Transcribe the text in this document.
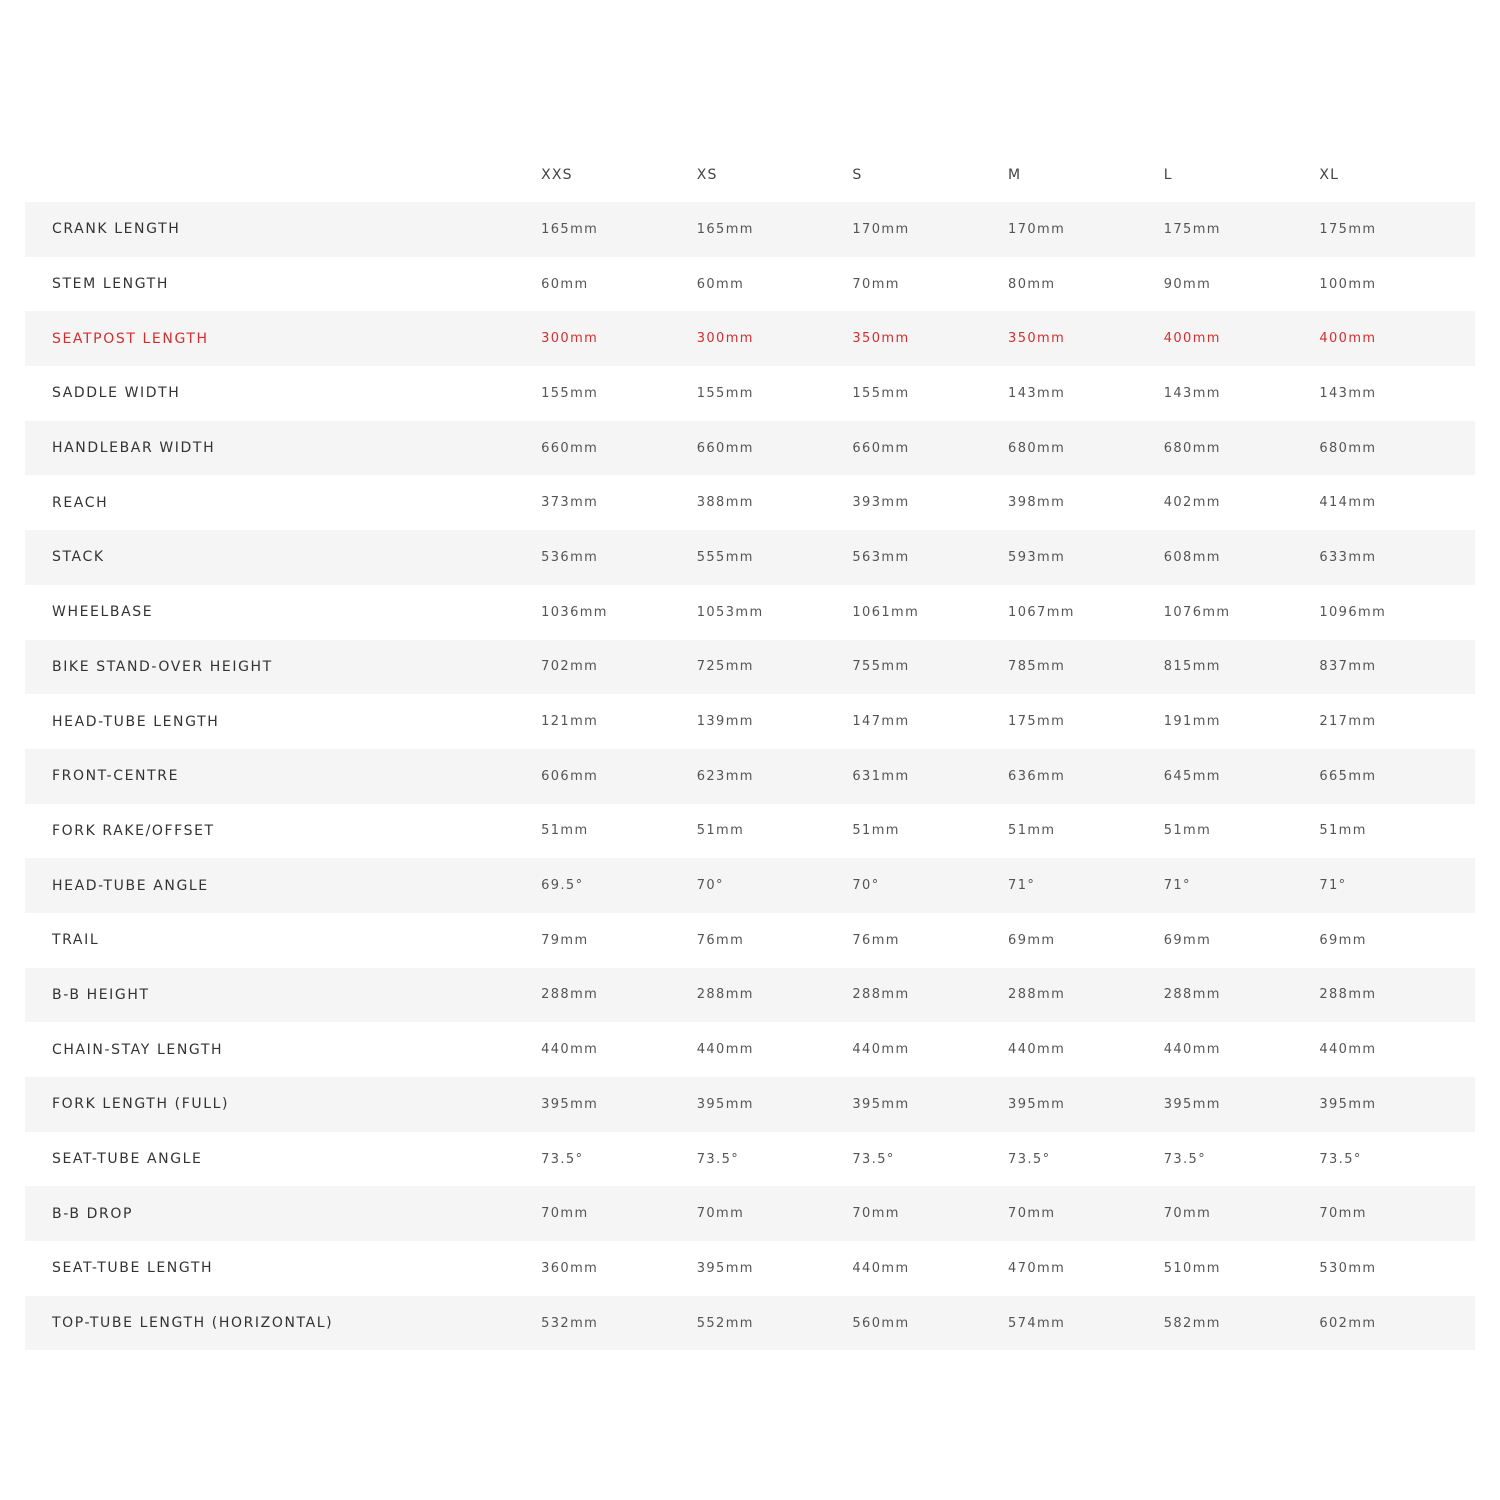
XXS	XS	S	M	L	XL
CRANK LENGTH	165mm	165mm	170mm	170mm	175mm	175mm
STEM LENGTH	60mm	60mm	70mm	80mm	90mm	100mm
SEATPOST LENGTH	300mm	300mm	350mm	350mm	400mm	400mm
SADDLE WIDTH	155mm	155mm	155mm	143mm	143mm	143mm
HANDLEBAR WIDTH	660mm	660mm	660mm	680mm	680mm	680mm
REACH	373mm	388mm	393mm	398mm	402mm	414mm
STACK	536mm	555mm	563mm	593mm	608mm	633mm
WHEELBASE	1036mm	1053mm	1061mm	1067mm	1076mm	1096mm
BIKE STAND-OVER HEIGHT	702mm	725mm	755mm	785mm	815mm	837mm
HEAD-TUBE LENGTH	121mm	139mm	147mm	175mm	191mm	217mm
FRONT-CENTRE	606mm	623mm	631mm	636mm	645mm	665mm
FORK RAKE/OFFSET	51mm	51mm	51mm	51mm	51mm	51mm
HEAD-TUBE ANGLE	69.5°	70°	70°	71°	71°	71°
TRAIL	79mm	76mm	76mm	69mm	69mm	69mm
B-B HEIGHT	288mm	288mm	288mm	288mm	288mm	288mm
CHAIN-STAY LENGTH	440mm	440mm	440mm	440mm	440mm	440mm
FORK LENGTH (FULL)	395mm	395mm	395mm	395mm	395mm	395mm
SEAT-TUBE ANGLE	73.5°	73.5°	73.5°	73.5°	73.5°	73.5°
B-B DROP	70mm	70mm	70mm	70mm	70mm	70mm
SEAT-TUBE LENGTH	360mm	395mm	440mm	470mm	510mm	530mm
TOP-TUBE LENGTH (HORIZONTAL)	532mm	552mm	560mm	574mm	582mm	602mm
